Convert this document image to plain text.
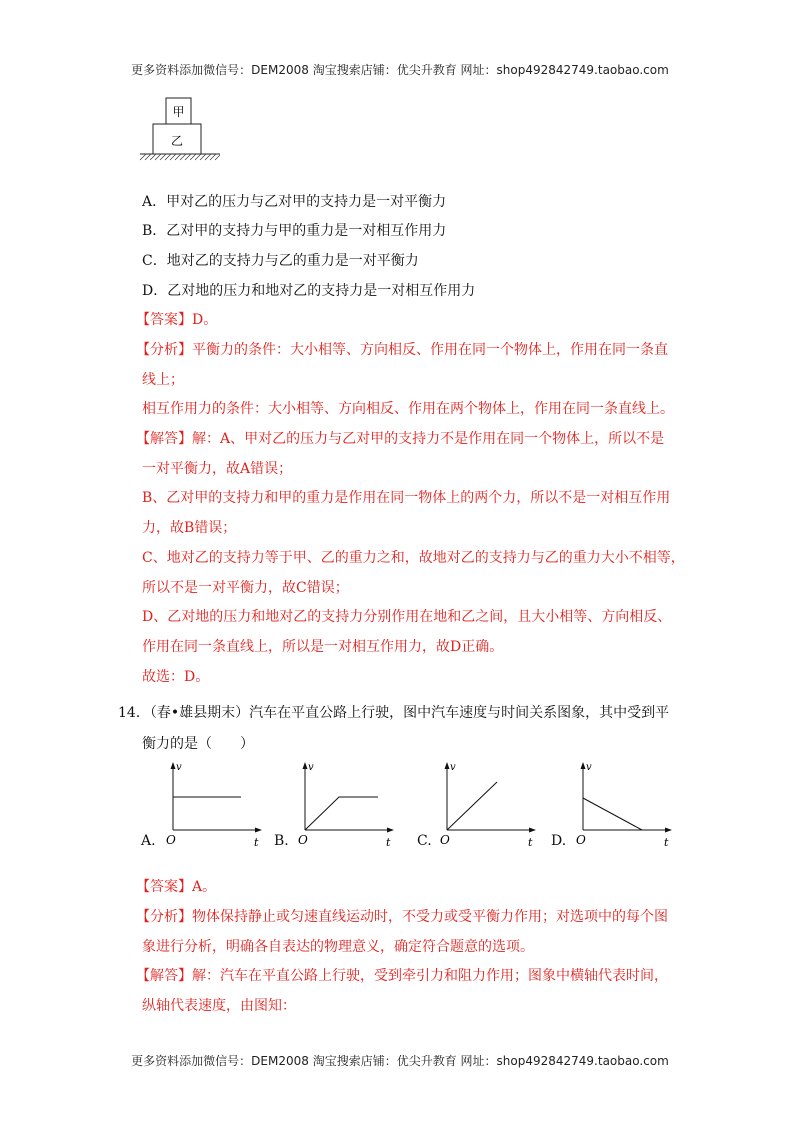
更多资料添加微信号：DEM2008 淘宝搜索店铺：优尖升教育 网址：shop492842749.taobao.com
甲
乙
A．甲对乙的压力与乙对甲的支持力是一对平衡力
B．乙对甲的支持力与甲的重力是一对相互作用力
C．地对乙的支持力与乙的重力是一对平衡力
D．乙对地的压力和地对乙的支持力是一对相互作用力
【答案】D。
【分析】平衡力的条件：大小相等、方向相反、作用在同一个物体上，作用在同一条直
线上；
相互作用力的条件：大小相等、方向相反、作用在两个物体上，作用在同一条直线上。
【解答】解：A、甲对乙的压力与乙对甲的支持力不是作用在同一个物体上，所以不是
一对平衡力，故A错误；
B、乙对甲的支持力和甲的重力是作用在同一物体上的两个力，所以不是一对相互作用
力，故B错误；
C、地对乙的支持力等于甲、乙的重力之和，故地对乙的支持力与乙的重力大小不相等，
所以不是一对平衡力，故C错误；
D、乙对地的压力和地对乙的支持力分别作用在地和乙之间，且大小相等、方向相反、
作用在同一条直线上，所以是一对相互作用力，故D正确。
故选：D。
14．（春•雄县期末）汽车在平直公路上行驶，图中汽车速度与时间关系图象，其中受到平
衡力的是（　　）
A.
v
t
O	B.
v
t
O	C.
v
t
O	D.
v
t
O
【答案】A。
【分析】物体保持静止或匀速直线运动时，不受力或受平衡力作用；对选项中的每个图
象进行分析，明确各自表达的物理意义，确定符合题意的选项。
【解答】解：汽车在平直公路上行驶，受到牵引力和阻力作用；图象中横轴代表时间，
纵轴代表速度，由图知：
更多资料添加微信号：DEM2008 淘宝搜索店铺：优尖升教育 网址：shop492842749.taobao.com
